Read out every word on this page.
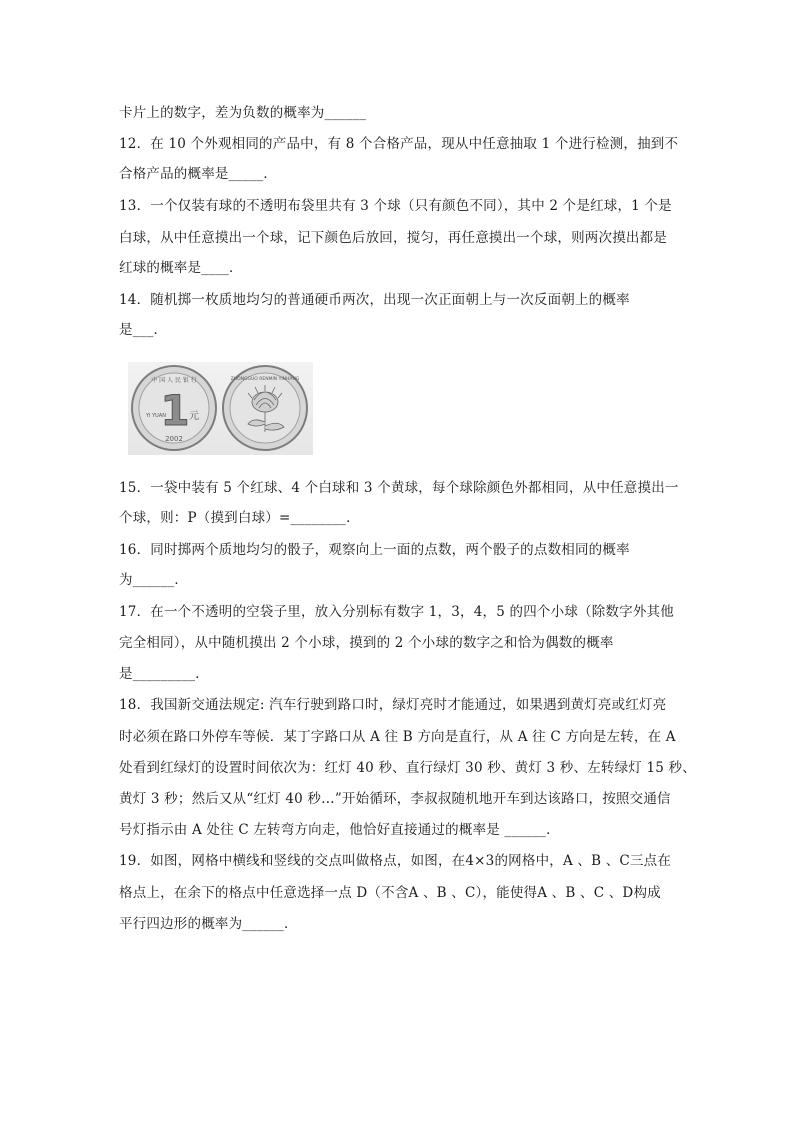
卡片上的数字，差为负数的概率为______
12．在 10 个外观相同的产品中，有 8 个合格产品，现从中任意抽取 1 个进行检测，抽到不
合格产品的概率是_____．
13．一个仅装有球的不透明布袋里共有 3 个球（只有颜色不同），其中 2 个是红球，1 个是
白球，从中任意摸出一个球，记下颜色后放回，搅匀，再任意摸出一个球，则两次摸出都是
红球的概率是____．
14．随机掷一枚质地均匀的普通硬币两次，出现一次正面朝上与一次反面朝上的概率
是___．
中 国 人 民 银 行
1 元
YI YUAN
2002
ZHONGGUO RENMIN YINHANG
15．一袋中装有 5 个红球、4 个白球和 3 个黄球，每个球除颜色外都相同，从中任意摸出一
个球，则：P（摸到白球）=________．
16．同时掷两个质地均匀的骰子，观察向上一面的点数，两个骰子的点数相同的概率
为______．
17．在一个不透明的空袋子里，放入分别标有数字 1，3，4，5 的四个小球（除数字外其他
完全相同），从中随机摸出 2 个小球，摸到的 2 个小球的数字之和恰为偶数的概率
是_________．
18．我国新交通法规定: 汽车行驶到路口时，绿灯亮时才能通过，如果遇到黄灯亮或红灯亮
时必须在路口外停车等候．某丁字路口从 A 往 B 方向是直行，从 A 往 C 方向是左转，在 A
处看到红绿灯的设置时间依次为：红灯 40 秒、直行绿灯 30 秒、黄灯 3 秒、左转绿灯 15 秒、
黄灯 3 秒；然后又从“红灯 40 秒…”开始循环，李叔叔随机地开车到达该路口，按照交通信
号灯指示由 A 处往 C 左转弯方向走，他恰好直接通过的概率是 ______．
19．如图，网格中横线和竖线的交点叫做格点，如图，在4×3的网格中，A 、B 、C三点在
格点上，在余下的格点中任意选择一点 D（不含A 、B 、C），能使得A 、B 、C 、D构成
平行四边形的概率为______．
